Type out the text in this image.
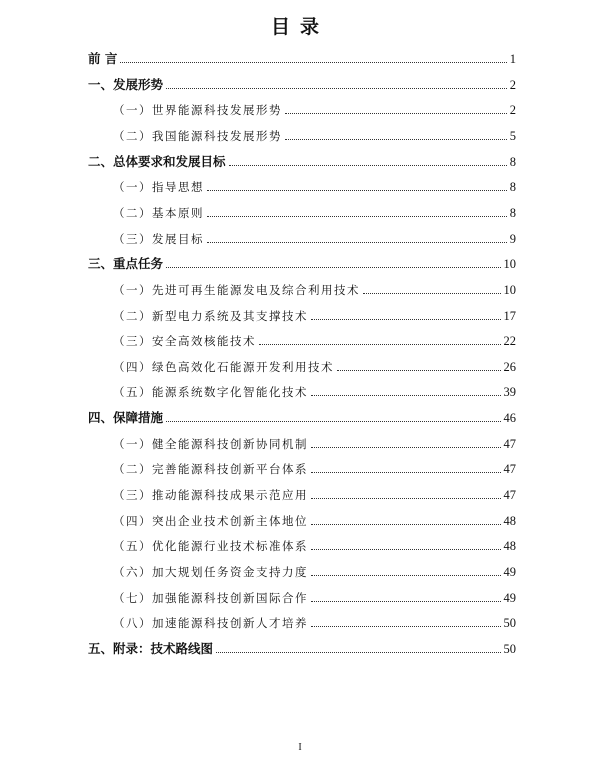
目录
前 言	1
一、发展形势	2
（一）世界能源科技发展形势	2
（二）我国能源科技发展形势	5
二、总体要求和发展目标	8
（一）指导思想	8
（二）基本原则	8
（三）发展目标	9
三、重点任务	10
（一）先进可再生能源发电及综合利用技术	10
（二）新型电力系统及其支撑技术	17
（三）安全高效核能技术	22
（四）绿色高效化石能源开发利用技术	26
（五）能源系统数字化智能化技术	39
四、保障措施	46
（一）健全能源科技创新协同机制	47
（二）完善能源科技创新平台体系	47
（三）推动能源科技成果示范应用	47
（四）突出企业技术创新主体地位	48
（五）优化能源行业技术标准体系	48
（六）加大规划任务资金支持力度	49
（七）加强能源科技创新国际合作	49
（八）加速能源科技创新人才培养	50
五、附录：技术路线图	50
I
